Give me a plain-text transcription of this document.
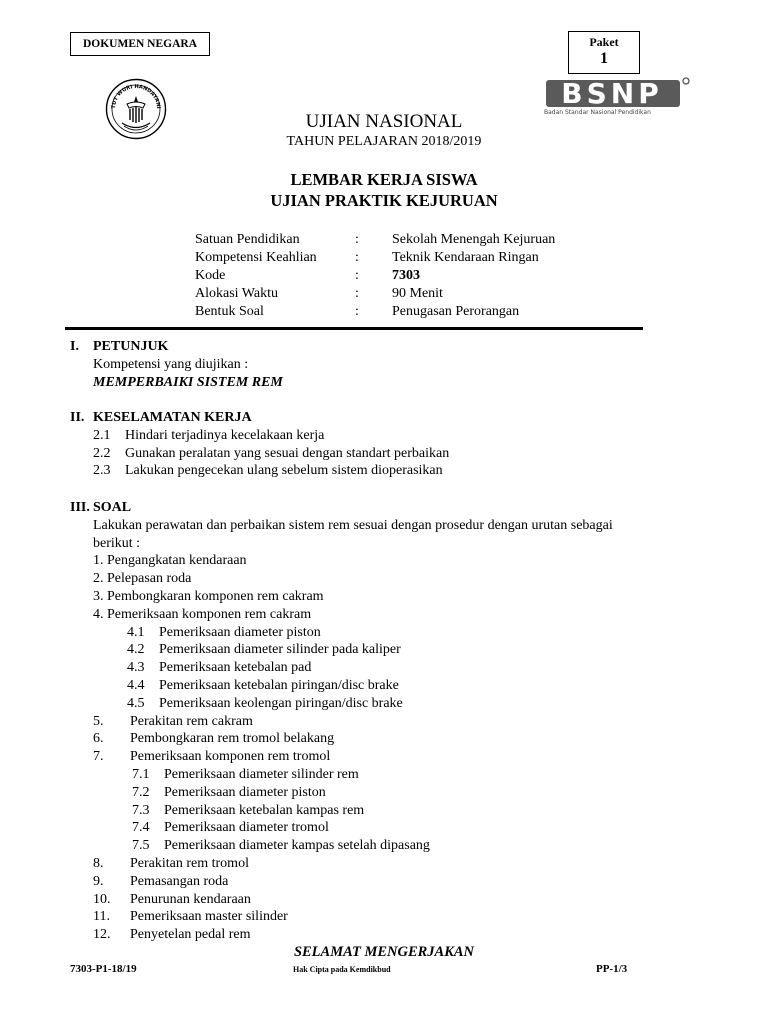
DOKUMEN NEGARA	Paket
1
TUT WURI HANDAYANI	BSNP
Badan Standar Nasional Pendidikan
UJIAN NASIONAL
TAHUN PELAJARAN 2018/2019
LEMBAR KERJA SISWA
UJIAN PRAKTIK KEJURUAN
Satuan Pendidikan	: Sekolah Menengah Kejuruan
Kompetensi Keahlian	: Teknik Kendaraan Ringan
Kode	: 7303
Alokasi Waktu	: 90 Menit
Bentuk Soal	: Penugasan Perorangan
I. PETUNJUK
Kompetensi yang diujikan :
MEMPERBAIKI SISTEM REM
II. KESELAMATAN KERJA
2.1 Hindari terjadinya kecelakaan kerja
2.2 Gunakan peralatan yang sesuai dengan standart perbaikan
2.3 Lakukan pengecekan ulang sebelum sistem dioperasikan
III. SOAL
Lakukan perawatan dan perbaikan sistem rem sesuai dengan prosedur dengan urutan sebagai
berikut :
1. Pengangkatan kendaraan
2. Pelepasan roda
3. Pembongkaran komponen rem cakram
4. Pemeriksaan komponen rem cakram
4.1 Pemeriksaan diameter piston
4.2 Pemeriksaan diameter silinder pada kaliper
4.3 Pemeriksaan ketebalan pad
4.4 Pemeriksaan ketebalan piringan/disc brake
4.5 Pemeriksaan keolengan piringan/disc brake
5. Perakitan rem cakram
6. Pembongkaran rem tromol belakang
7. Pemeriksaan komponen rem tromol
7.1 Pemeriksaan diameter silinder rem
7.2 Pemeriksaan diameter piston
7.3 Pemeriksaan ketebalan kampas rem
7.4 Pemeriksaan diameter tromol
7.5 Pemeriksaan diameter kampas setelah dipasang
8. Perakitan rem tromol
9. Pemasangan roda
10. Penurunan kendaraan
11. Pemeriksaan master silinder
12. Penyetelan pedal rem
SELAMAT MENGERJAKAN
7303-P1-18/19	Hak Cipta pada Kemdikbud	PP-1/3
